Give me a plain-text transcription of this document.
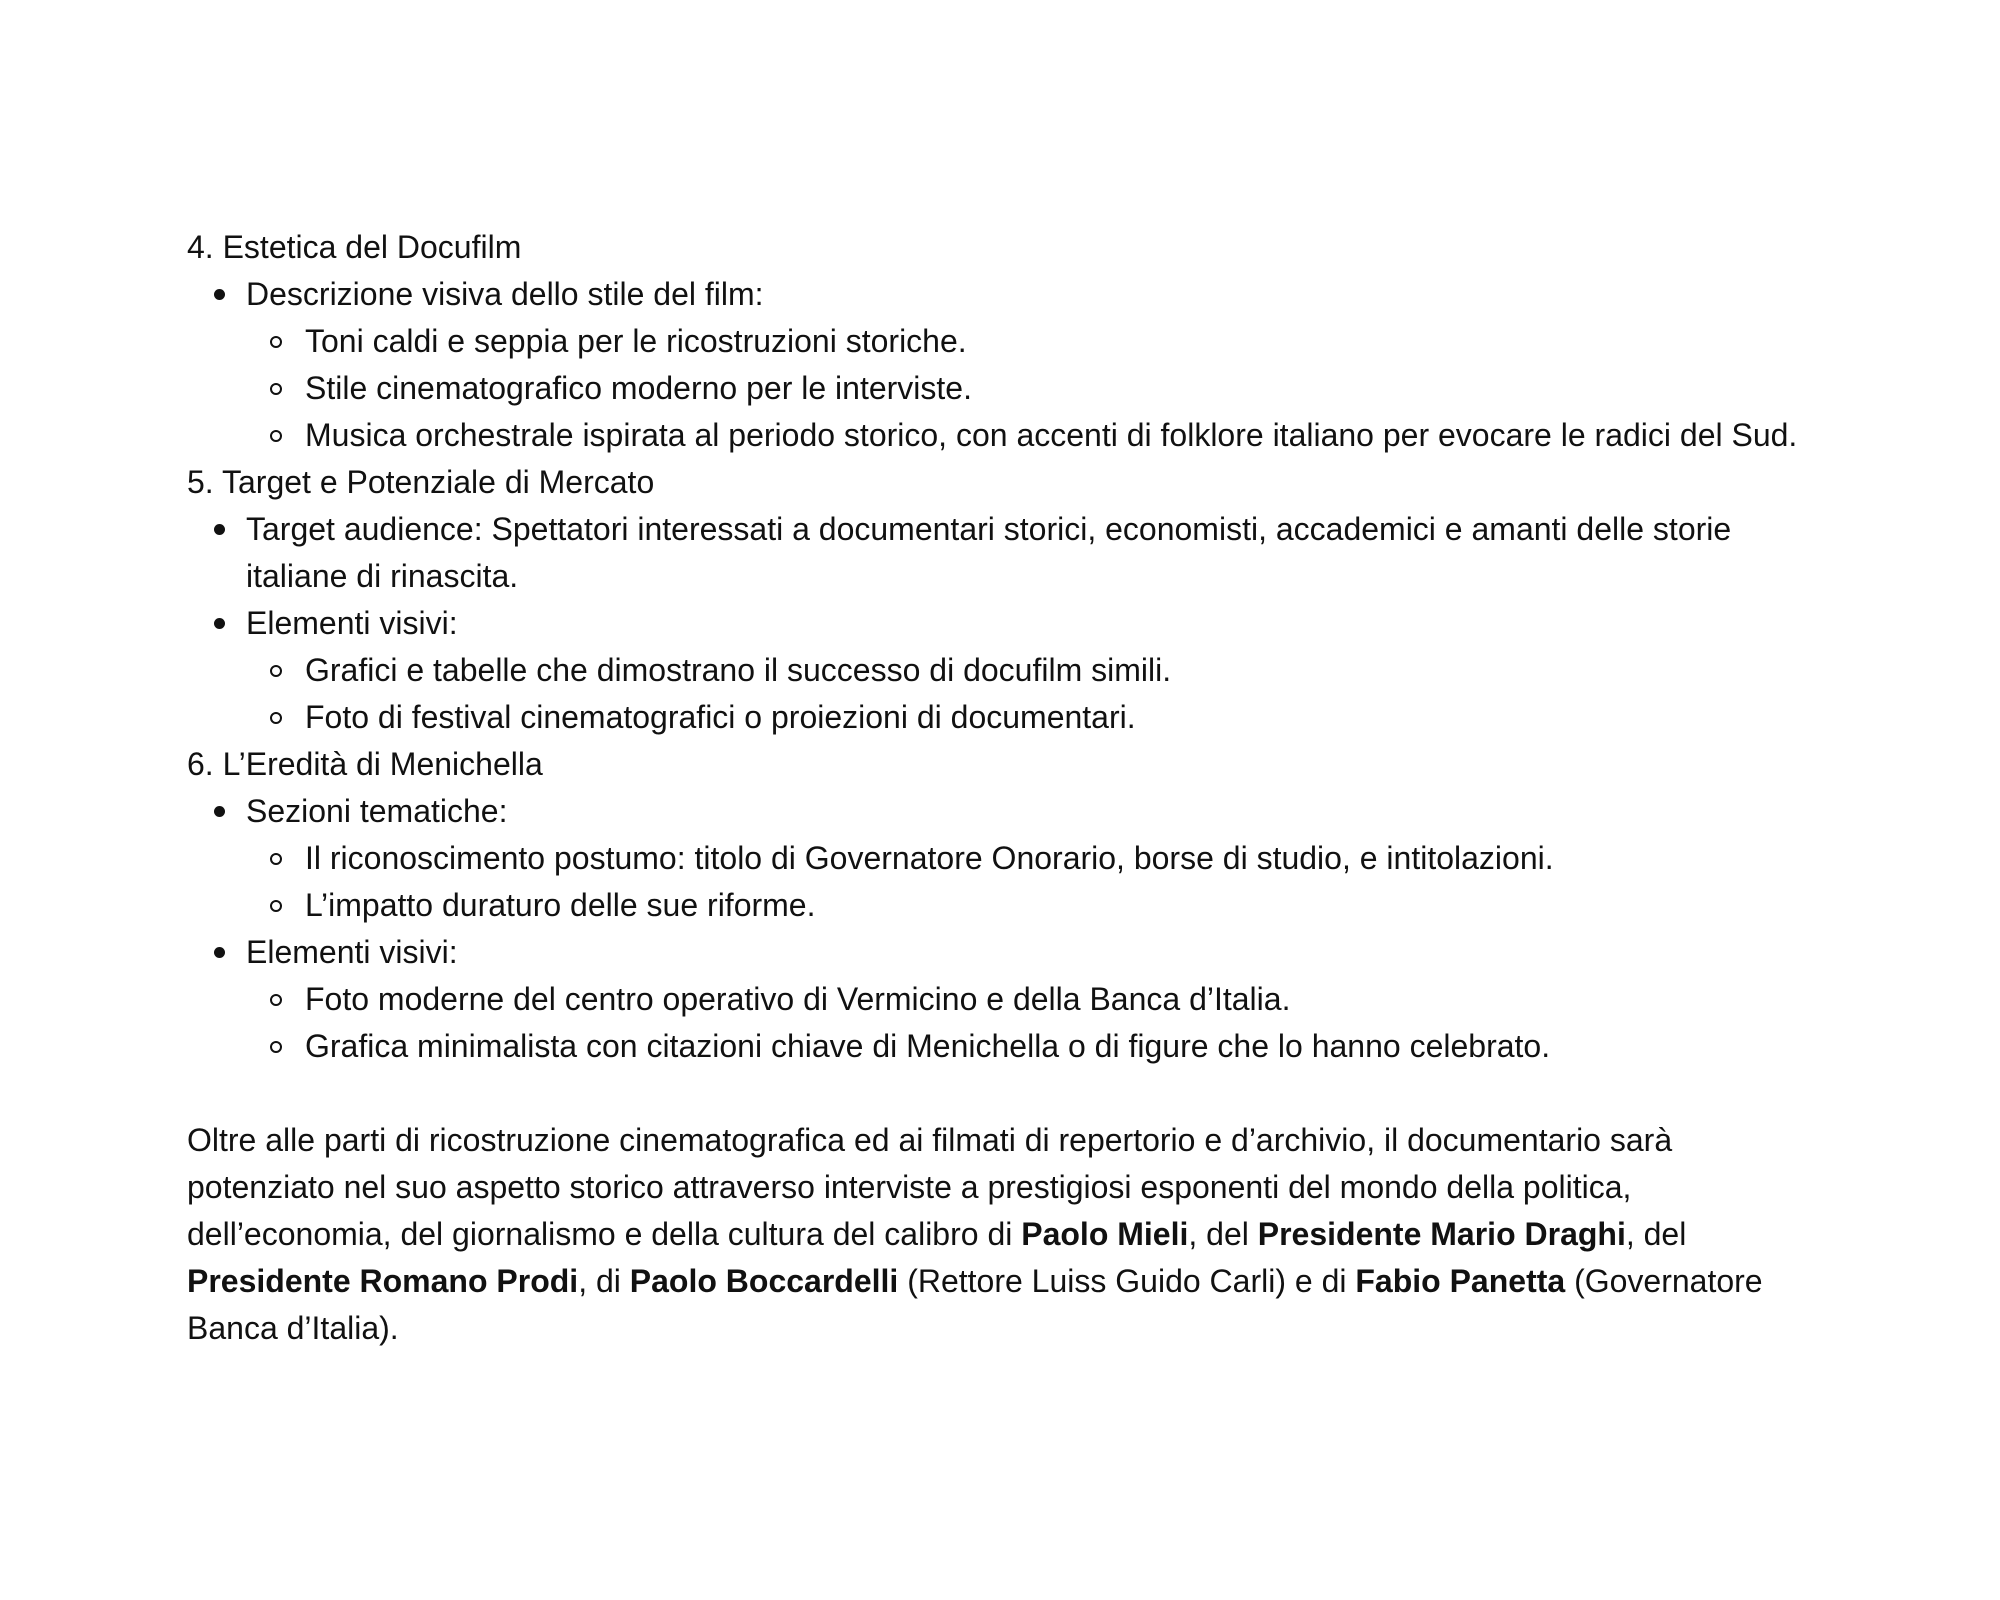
4. Estetica del Docufilm

Descrizione visiva dello stile del film:
Toni caldi e seppia per le ricostruzioni storiche.
Stile cinematografico moderno per le interviste.
Musica orchestrale ispirata al periodo storico, con accenti di folklore italiano per evocare le radici del Sud.

5. Target e Potenziale di Mercato

Target audience: Spettatori interessati a documentari storici, economisti, accademici e amanti delle storie italiane di rinascita.
Elementi visivi:
Grafici e tabelle che dimostrano il successo di docufilm simili.
Foto di festival cinematografici o proiezioni di documentari.

6. L’Eredità di Menichella

Sezioni tematiche:
Il riconoscimento postumo: titolo di Governatore Onorario, borse di studio, e intitolazioni.
L’impatto duraturo delle sue riforme.
Elementi visivi:
Foto moderne del centro operativo di Vermicino e della Banca d’Italia.
Grafica minimalista con citazioni chiave di Menichella o di figure che lo hanno celebrato.

Oltre alle parti di ricostruzione cinematografica ed ai filmati di repertorio e d’archivio, il documentario sarà potenziato nel suo aspetto storico attraverso interviste a prestigiosi esponenti del mondo della politica, dell’economia, del giornalismo e della cultura del calibro di Paolo Mieli, del Presidente Mario Draghi, del Presidente Romano Prodi, di Paolo Boccardelli (Rettore Luiss Guido Carli) e di Fabio Panetta (Governatore Banca d’Italia).
